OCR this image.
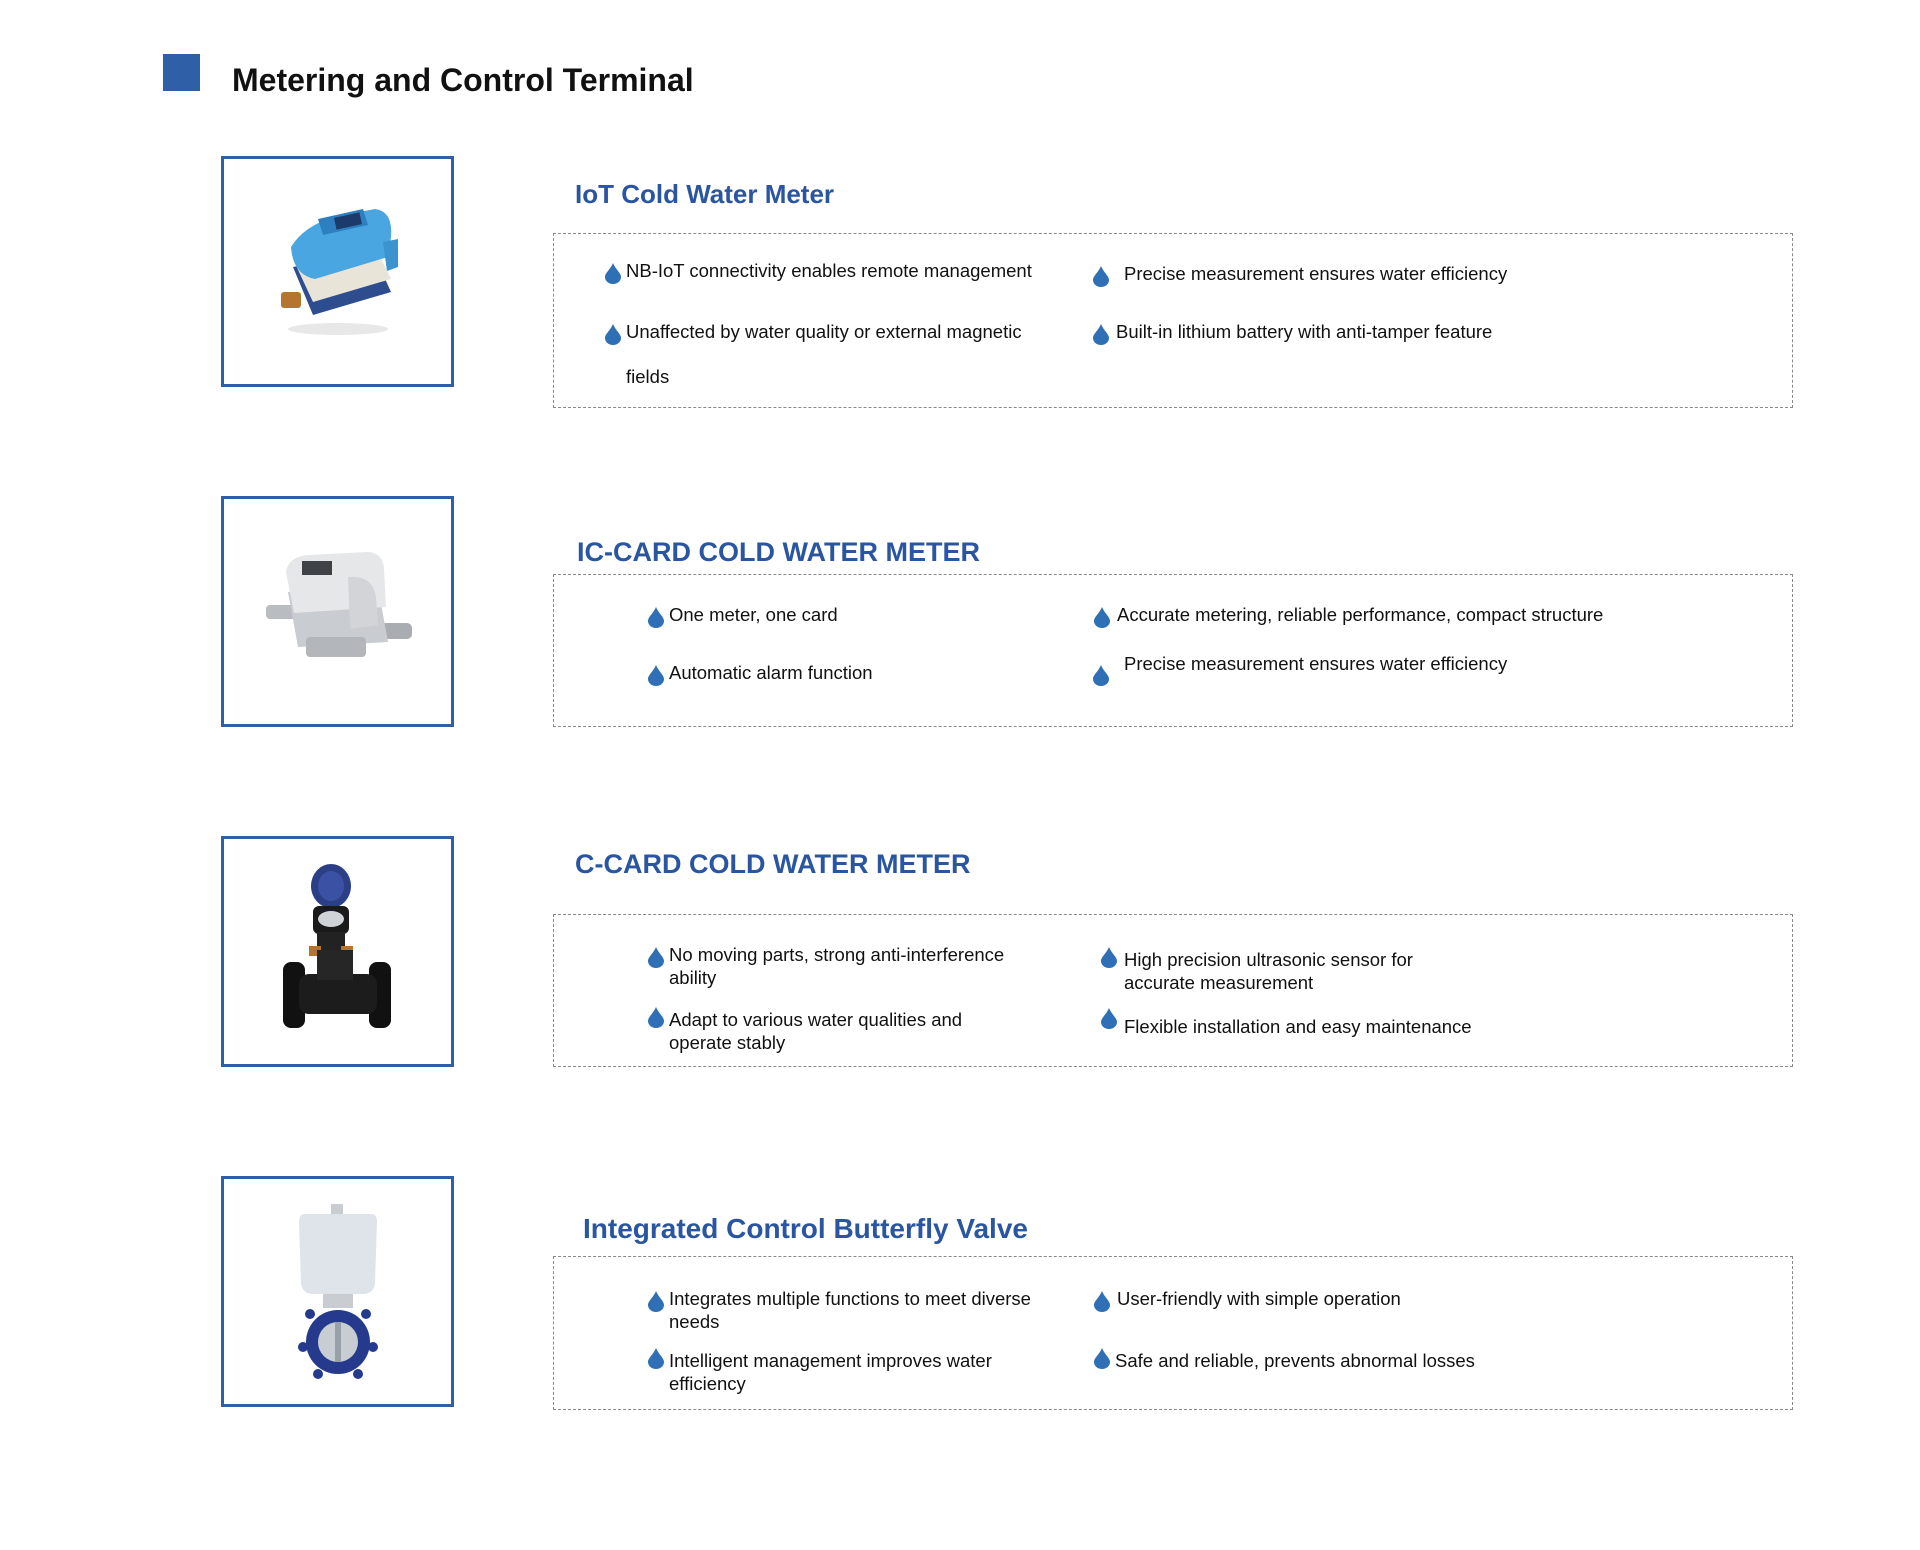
Metering and Control Terminal
IoT Cold Water Meter
NB-IoT connectivity enables remote management	Precise measurement ensures water efficiency
Unaffected by water quality or external magnetic
fields
Built-in lithium battery with anti-tamper feature
IC-CARD COLD WATER METER
One meter, one card	Accurate metering, reliable performance, compact structure
Automatic alarm function	Precise measurement ensures water efficiency
C-CARD COLD WATER METER
No moving parts, strong anti-interference
ability
High precision ultrasonic sensor for
accurate measurement
Adapt to various water qualities and
operate stably
Flexible installation and easy maintenance
Integrated Control Butterfly Valve
Integrates multiple functions to meet diverse
needs
User-friendly with simple operation
Intelligent management improves water
efficiency
Safe and reliable, prevents abnormal losses
